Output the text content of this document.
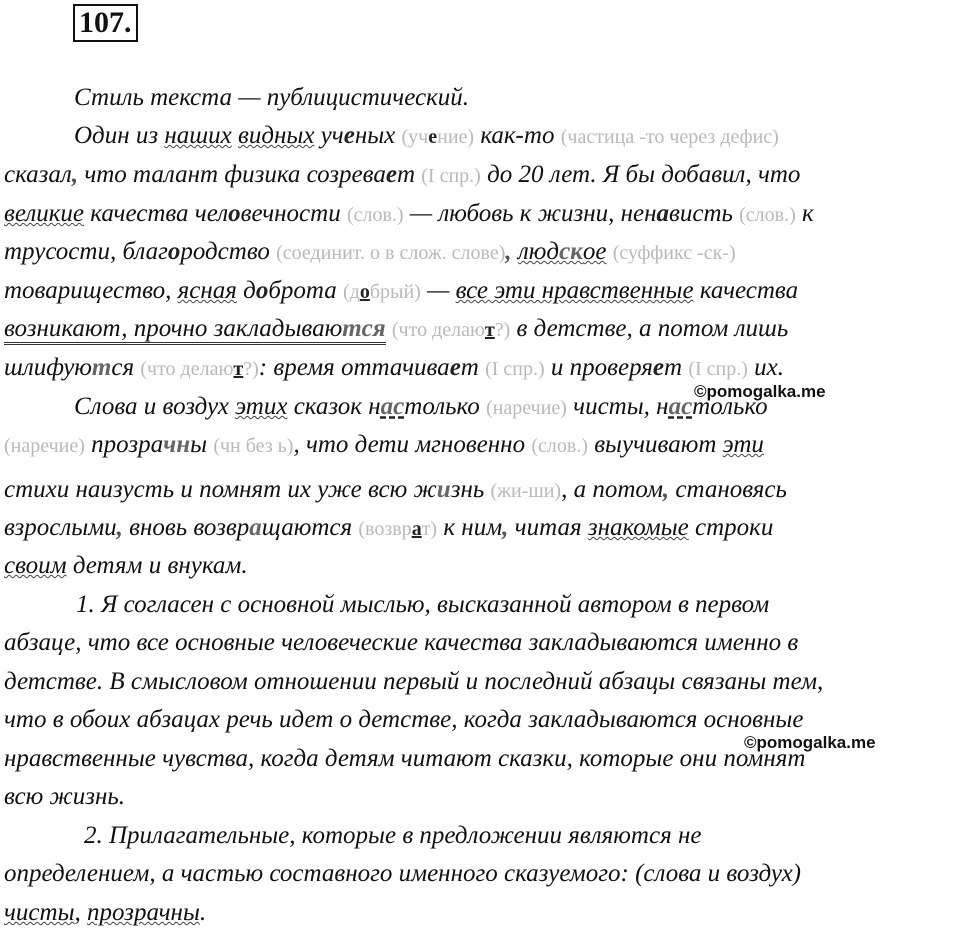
107.
Стиль текста — публицистический.
Один из наших видных ученых (учение) как-то (частица -то через дефис)
сказал, что талант физика созревает (I спр.) до 20 лет. Я бы добавил, что
великие качества человечности (слов.) — любовь к жизни, ненависть (слов.) к
трусости, благородство (соединит. о в слож. слове), людское (суффикс -ск-)
товарищество, ясная доброта (добрый) — все эти нравственные качества
возникают, прочно закладываются (что делают?) в детстве, а потом лишь
шлифуются (что делают?): время оттачивает (I спр.) и проверяет (I спр.) их.
©pomogalka.me
Слова и воздух этих сказок настолько (наречие) чисты, настолько
(наречие) прозрачны (чн без ь), что дети мгновенно (слов.) выучивают эти
стихи наизусть и помнят их уже всю жизнь (жи-ши), а потом, становясь
взрослыми, вновь возвращаются (возврат) к ним, читая знакомые строки
своим детям и внукам.
1. Я согласен с основной мыслью, высказанной автором в первом
абзаце, что все основные человеческие качества закладываются именно в
детстве. В смысловом отношении первый и последний абзацы связаны тем,
что в обоих абзацах речь идет о детстве, когда закладываются основные
©pomogalka.me
нравственные чувства, когда детям читают сказки, которые они помнят
всю жизнь.
2. Прилагательные, которые в предложении являются не
определением, а частью составного именного сказуемого: (слова и воздух)
чисты, прозрачны.
